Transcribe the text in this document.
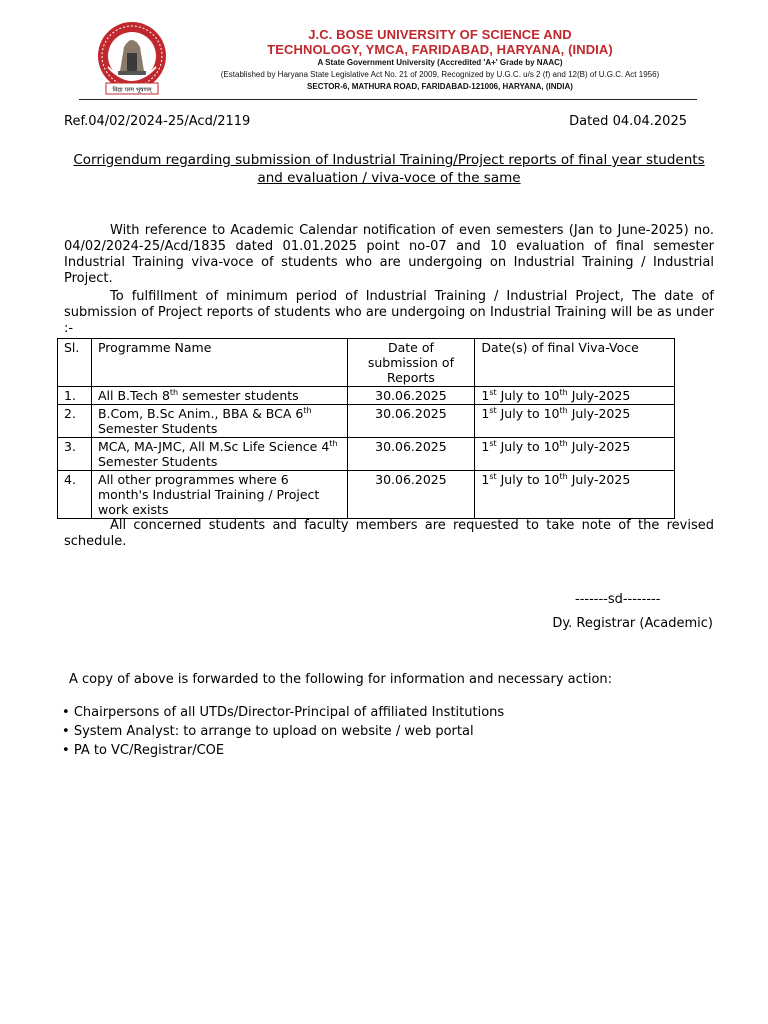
विद्या परम भूषणम्
J.C. BOSE UNIVERSITY OF SCIENCE AND
TECHNOLOGY, YMCA, FARIDABAD, HARYANA, (INDIA)
A State Government University (Accredited 'A+' Grade by NAAC)
(Established by Haryana State Legislative Act No. 21 of 2009, Recognized by U.G.C. u/s 2 (f) and 12(B) of U.G.C. Act 1956)
SECTOR-6, MATHURA ROAD, FARIDABAD-121006, HARYANA, (INDIA)
Ref.04/02/2024-25/Acd/2119	Dated 04.04.2025
Corrigendum regarding submission of Industrial Training/Project reports of final year students
and evaluation / viva-voce of the same
With reference to Academic Calendar notification of even semesters (Jan to June-2025) no. 04/02/2024-25/Acd/1835 dated 01.01.2025 point no-07 and 10 evaluation of final semester Industrial Training viva-voce of students who are undergoing on Industrial Training / Industrial Project.
To fulfillment of minimum period of Industrial Training / Industrial Project, The date of submission of Project reports of students who are undergoing on Industrial Training will be as under :-
Sl.	Programme Name	Date of submission of Reports	Date(s) of final Viva-Voce
1.	All B.Tech 8th semester students	30.06.2025	1st July to 10th July-2025
2.	B.Com, B.Sc Anim., BBA & BCA 6th Semester Students	30.06.2025	1st July to 10th July-2025
3.	MCA, MA-JMC, All M.Sc Life Science 4th Semester Students	30.06.2025	1st July to 10th July-2025
4.	All other programmes where 6 month's Industrial Training / Project work exists	30.06.2025	1st July to 10th July-2025
All concerned students and faculty members are requested to take note of the revised schedule.
-------sd--------
Dy. Registrar (Academic)
A copy of above is forwarded to the following for information and necessary action:
• Chairpersons of all UTDs/Director-Principal of affiliated Institutions
• System Analyst: to arrange to upload on website / web portal
• PA to VC/Registrar/COE
